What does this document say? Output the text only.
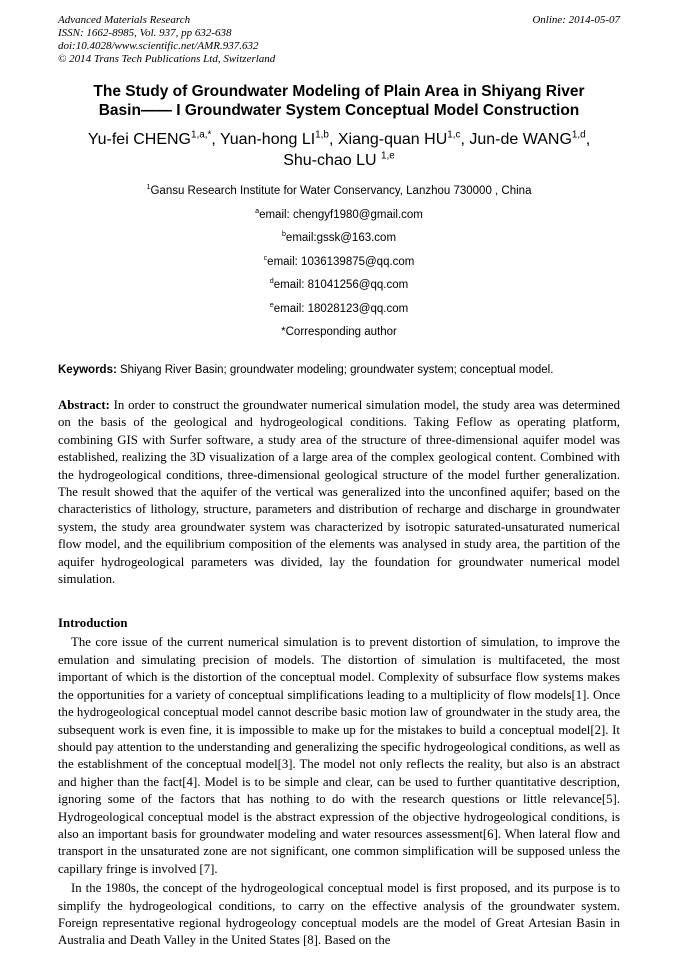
Advanced Materials Research
ISSN: 1662-8985, Vol. 937, pp 632-638
doi:10.4028/www.scientific.net/AMR.937.632
© 2014 Trans Tech Publications Ltd, Switzerland
Online: 2014-05-07
The Study of Groundwater Modeling of Plain Area in Shiyang River Basin—— I Groundwater System Conceptual Model Construction
Yu-fei $CHENG^{1,a,*}$, Yuan-hong LI$^{1,b}$, Xiang-quan HU$^{1,c}$, Jun-de WANG$^{1,d}$, Shu-chao LU $^{1,e}$
$^1$Gansu Research Institute for Water Conservancy, Lanzhou 730000 , China
$^a$email: chengyf1980@gmail.com
$^b$email:gssk@163.com
$^c$email: 1036139875@qq.com
$^d$email: 81041256@qq.com
$^e$email: 18028123@qq.com
*Corresponding author
Keywords: Shiyang River Basin; groundwater modeling; groundwater system; conceptual model.
Abstract: In order to construct the groundwater numerical simulation model, the study area was determined on the basis of the geological and hydrogeological conditions. Taking Feflow as operating platform, combining GIS with Surfer software, a study area of the structure of three-dimensional aquifer model was established, realizing the 3D visualization of a large area of the complex geological content. Combined with the hydrogeological conditions, three-dimensional geological structure of the model further generalization. The result showed that the aquifer of the vertical was generalized into the unconfined aquifer; based on the characteristics of lithology, structure, parameters and distribution of recharge and discharge in groundwater system, the study area groundwater system was characterized by isotropic saturated-unsaturated numerical flow model, and the equilibrium composition of the elements was analysed in study area, the partition of the aquifer hydrogeological parameters was divided, lay the foundation for groundwater numerical model simulation.
Introduction

The core issue of the current numerical simulation is to prevent distortion of simulation, to improve the emulation and simulating precision of models. The distortion of simulation is multifaceted, the most important of which is the distortion of the conceptual model. Complexity of subsurface flow systems makes the opportunities for a variety of conceptual simplifications leading to a multiplicity of flow models[1]. Once the hydrogeological conceptual model cannot describe basic motion law of groundwater in the study area, the subsequent work is even fine, it is impossible to make up for the mistakes to build a conceptual model[2]. It should pay attention to the understanding and generalizing the specific hydrogeological conditions, as well as the establishment of the conceptual model[3]. The model not only reflects the reality, but also is an abstract and higher than the fact[4]. Model is to be simple and clear, can be used to further quantitative description, ignoring some of the factors that has nothing to do with the research questions or little relevance[5]. Hydrogeological conceptual model is the abstract expression of the objective hydrogeological conditions, is also an important basis for groundwater modeling and water resources assessment[6]. When lateral flow and transport in the unsaturated zone are not significant, one common simplification will be supposed unless the capillary fringe is involved [7].

In the 1980s, the concept of the hydrogeological conceptual model is first proposed, and its purpose is to simplify the hydrogeological conditions, to carry on the effective analysis of the groundwater system. Foreign representative regional hydrogeology conceptual models are the model of Great Artesian Basin in Australia and Death Valley in the United States [8]. Based on the
